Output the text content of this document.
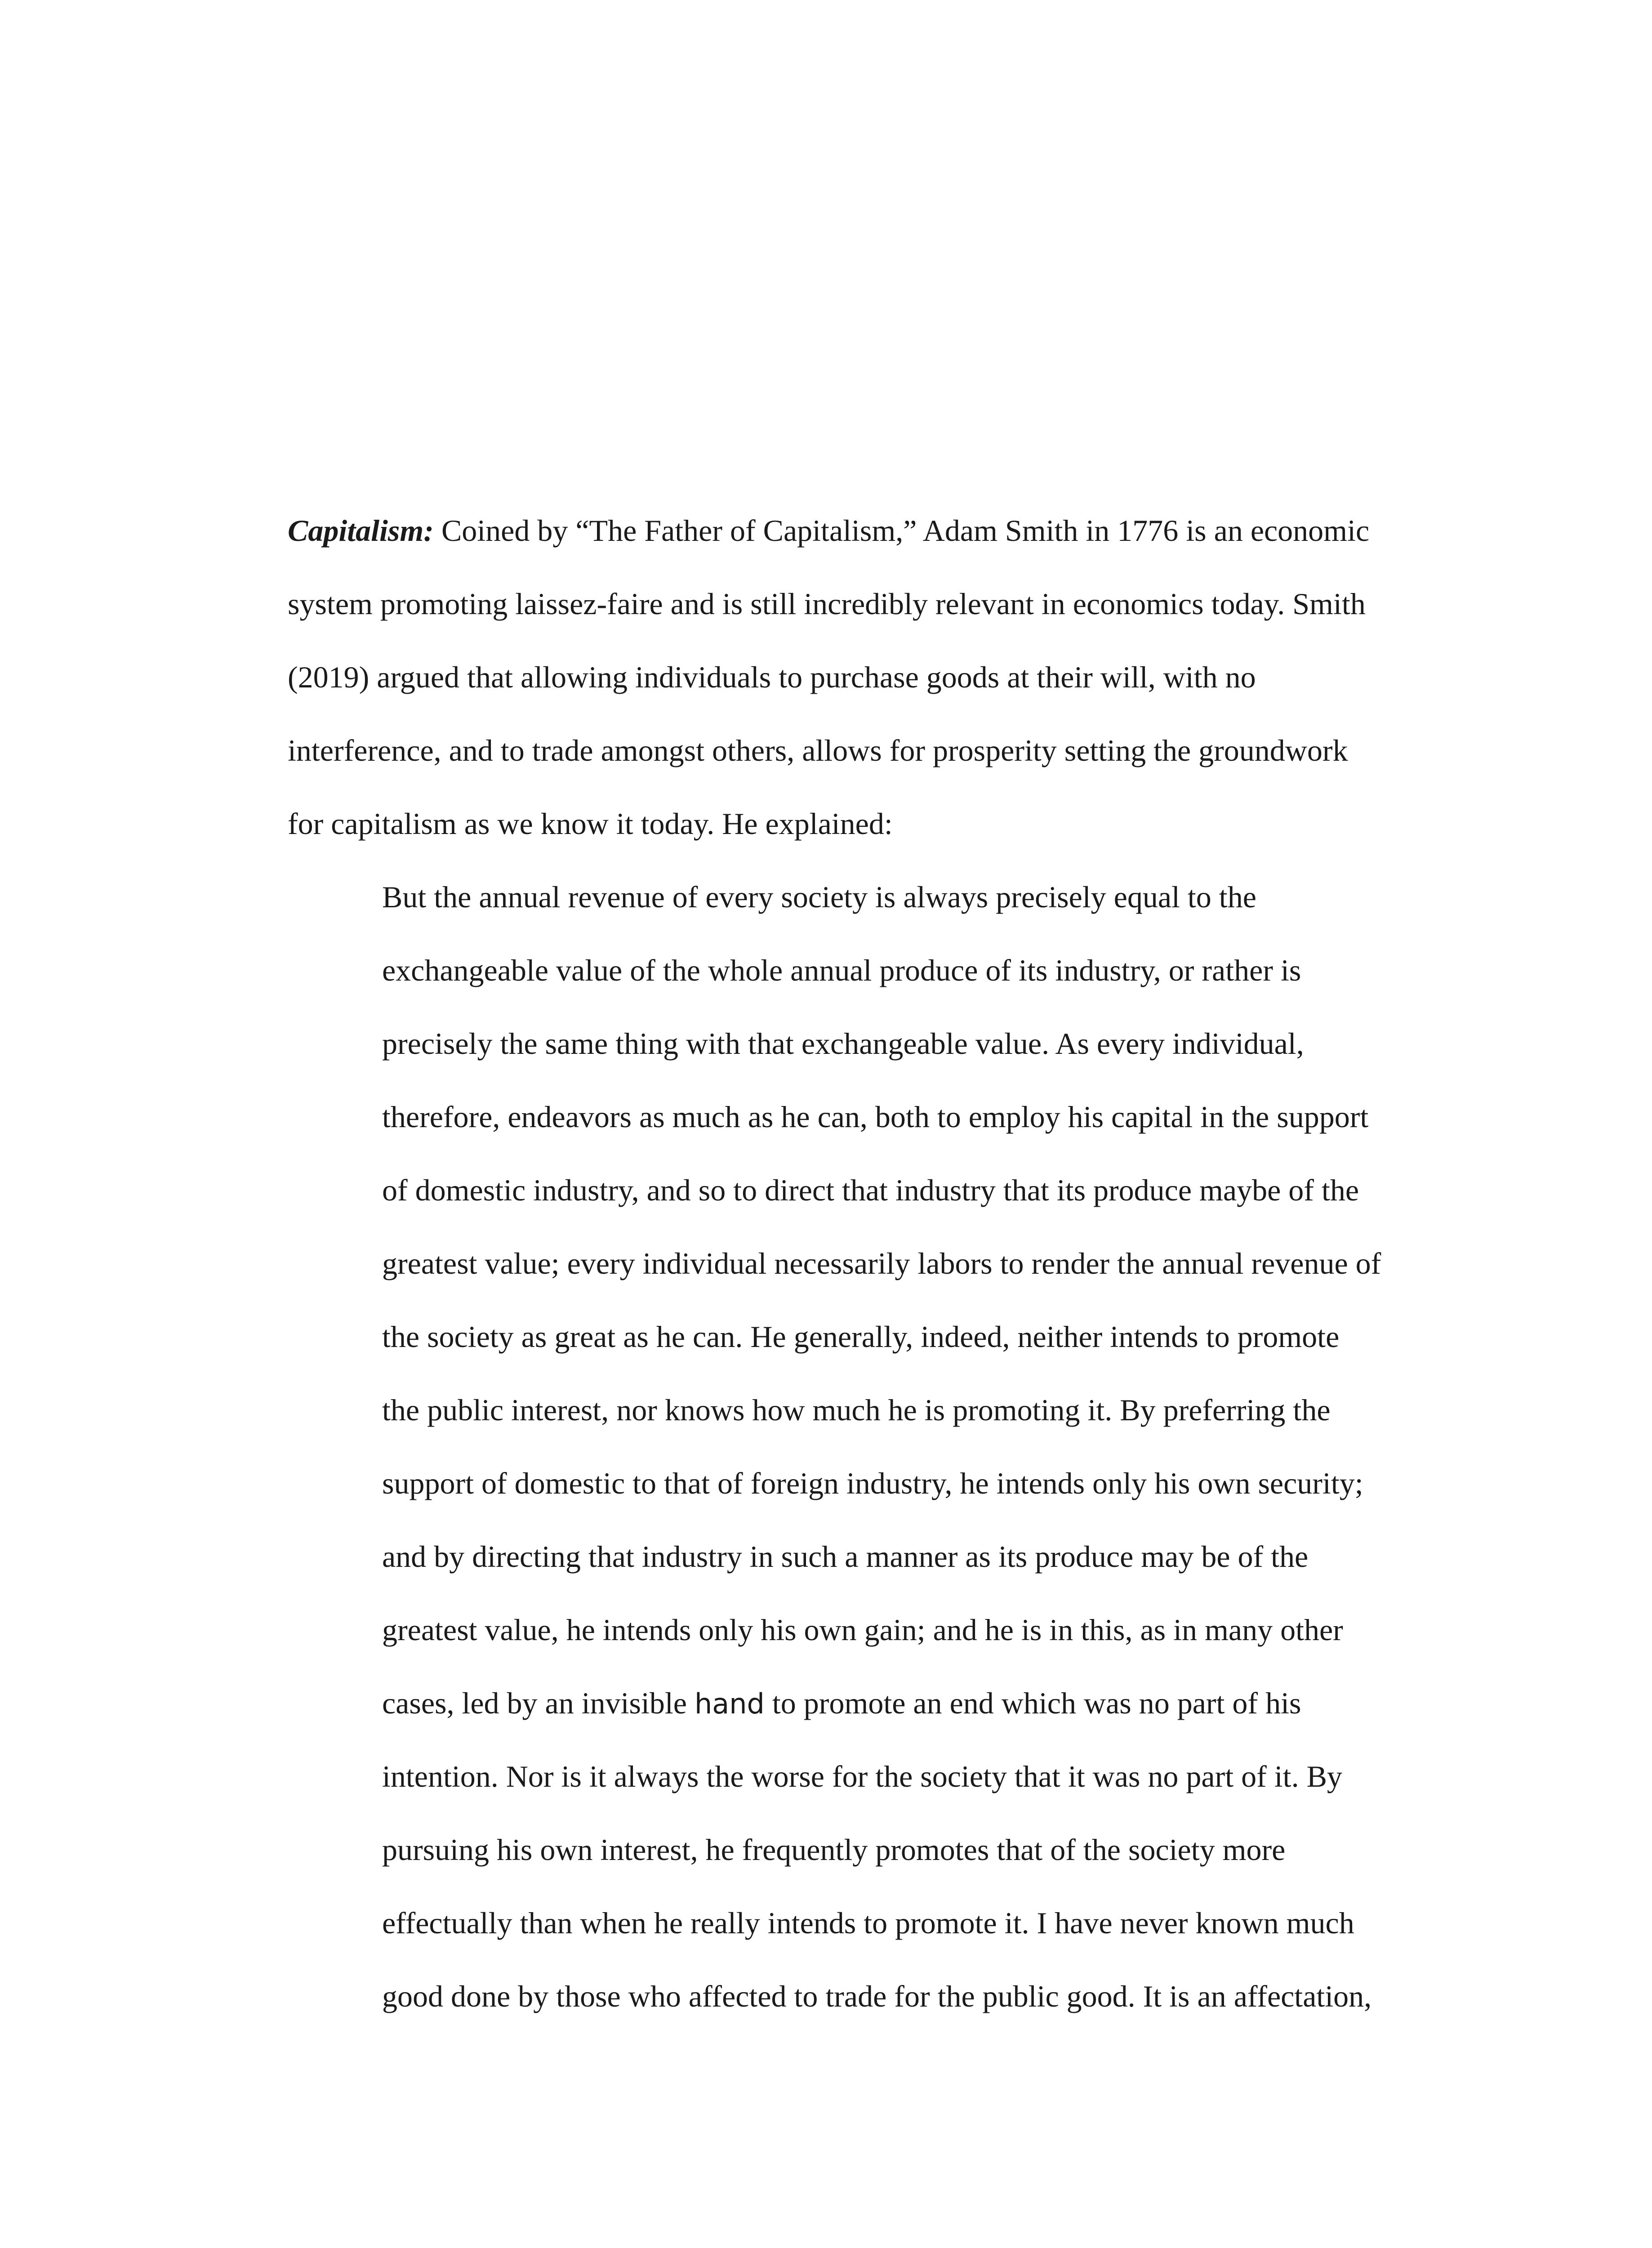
Capitalism: Coined by “The Father of Capitalism,” Adam Smith in 1776 is an economic
system promoting laissez-faire and is still incredibly relevant in economics today. Smith
(2019) argued that allowing individuals to purchase goods at their will, with no
interference, and to trade amongst others, allows for prosperity setting the groundwork
for capitalism as we know it today. He explained:
But the annual revenue of every society is always precisely equal to the
exchangeable value of the whole annual produce of its industry, or rather is
precisely the same thing with that exchangeable value. As every individual,
therefore, endeavors as much as he can, both to employ his capital in the support
of domestic industry, and so to direct that industry that its produce maybe of the
greatest value; every individual necessarily labors to render the annual revenue of
the society as great as he can. He generally, indeed, neither intends to promote
the public interest, nor knows how much he is promoting it. By preferring the
support of domestic to that of foreign industry, he intends only his own security;
and by directing that industry in such a manner as its produce may be of the
greatest value, he intends only his own gain; and he is in this, as in many other
cases, led by an invisible hand to promote an end which was no part of his
intention. Nor is it always the worse for the society that it was no part of it. By
pursuing his own interest, he frequently promotes that of the society more
effectually than when he really intends to promote it. I have never known much
good done by those who affected to trade for the public good. It is an affectation,
